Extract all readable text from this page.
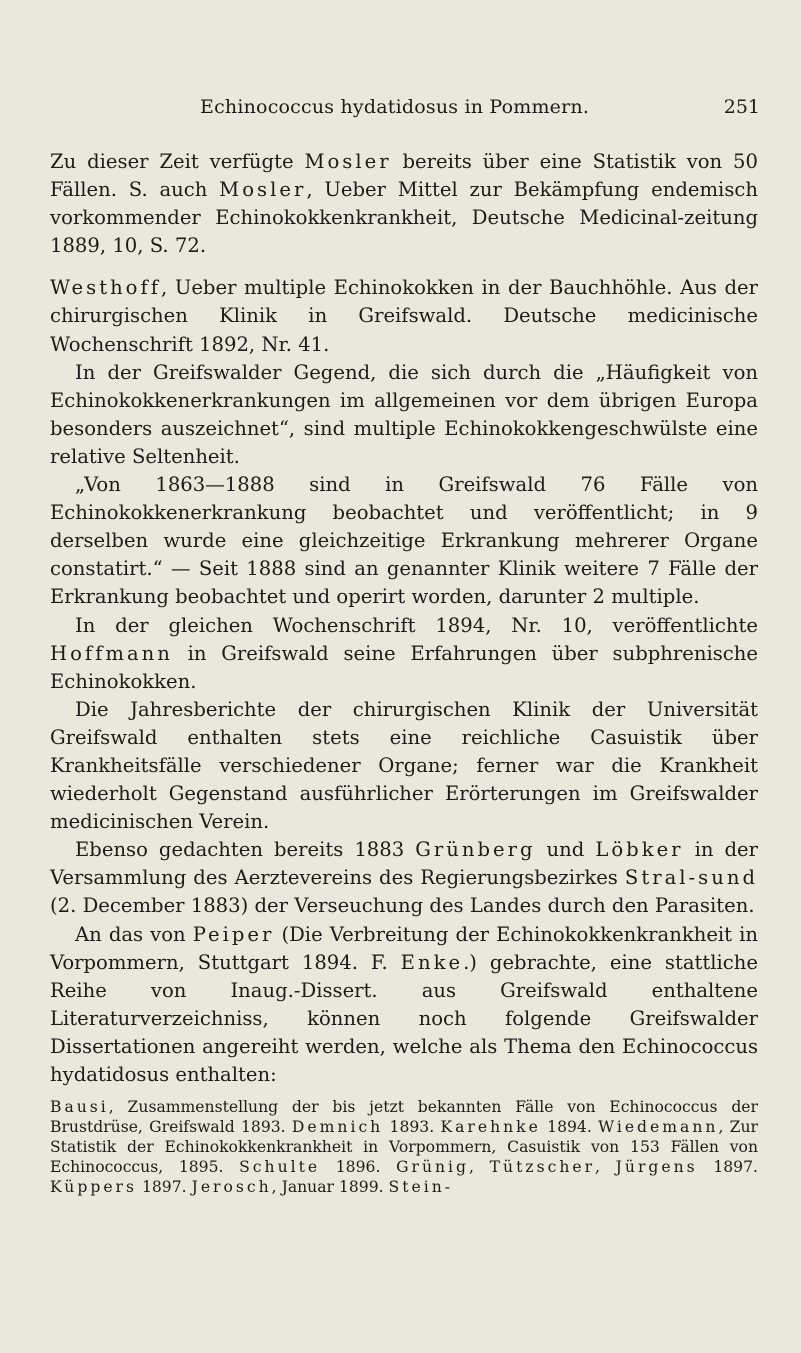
Echinococcus hydatidosus in Pommern.	251

Zu dieser Zeit verfügte Mosler bereits über eine Statistik von 50 Fällen. S. auch Mosler, Ueber Mittel zur Bekämpfung endemisch vorkommender Echinokokkenkrankheit, Deutsche Medicinal-zeitung 1889, 10, S. 72.

Westhoff, Ueber multiple Echinokokken in der Bauchhöhle. Aus der chirurgischen Klinik in Greifswald. Deutsche medicinische Wochenschrift 1892, Nr. 41.

In der Greifswalder Gegend, die sich durch die „Häufigkeit von Echinokokkenerkrankungen im allgemeinen vor dem übrigen Europa besonders auszeichnet“, sind multiple Echinokokkengeschwülste eine relative Seltenheit.

„Von 1863—1888 sind in Greifswald 76 Fälle von Echinokokkenerkrankung beobachtet und veröffentlicht; in 9 derselben wurde eine gleichzeitige Erkrankung mehrerer Organe constatirt.“ — Seit 1888 sind an genannter Klinik weitere 7 Fälle der Erkrankung beobachtet und operirt worden, darunter 2 multiple.

In der gleichen Wochenschrift 1894, Nr. 10, veröffentlichte Hoffmann in Greifswald seine Erfahrungen über subphrenische Echinokokken.

Die Jahresberichte der chirurgischen Klinik der Universität Greifswald enthalten stets eine reichliche Casuistik über Krankheitsfälle verschiedener Organe; ferner war die Krankheit wiederholt Gegenstand ausführlicher Erörterungen im Greifswalder medicinischen Verein.

Ebenso gedachten bereits 1883 Grünberg und Löbker in der Versammlung des Aerztevereins des Regierungsbezirkes Stral-sund (2. December 1883) der Verseuchung des Landes durch den Parasiten.

An das von Peiper (Die Verbreitung der Echinokokkenkrankheit in Vorpommern, Stuttgart 1894. F. Enke.) gebrachte, eine stattliche Reihe von Inaug.-Dissert. aus Greifswald enthaltene Literaturverzeichniss, können noch folgende Greifswalder Dissertationen angereiht werden, welche als Thema den Echinococcus hydatidosus enthalten:

Bausi, Zusammenstellung der bis jetzt bekannten Fälle von Echinococcus der Brustdrüse, Greifswald 1893. Demnich 1893. Karehnke 1894. Wiedemann, Zur Statistik der Echinokokkenkrankheit in Vorpommern, Casuistik von 153 Fällen von Echinococcus, 1895. Schulte 1896. Grünig, Tützscher, Jürgens 1897. Küppers 1897. Jerosch, Januar 1899. Stein-
